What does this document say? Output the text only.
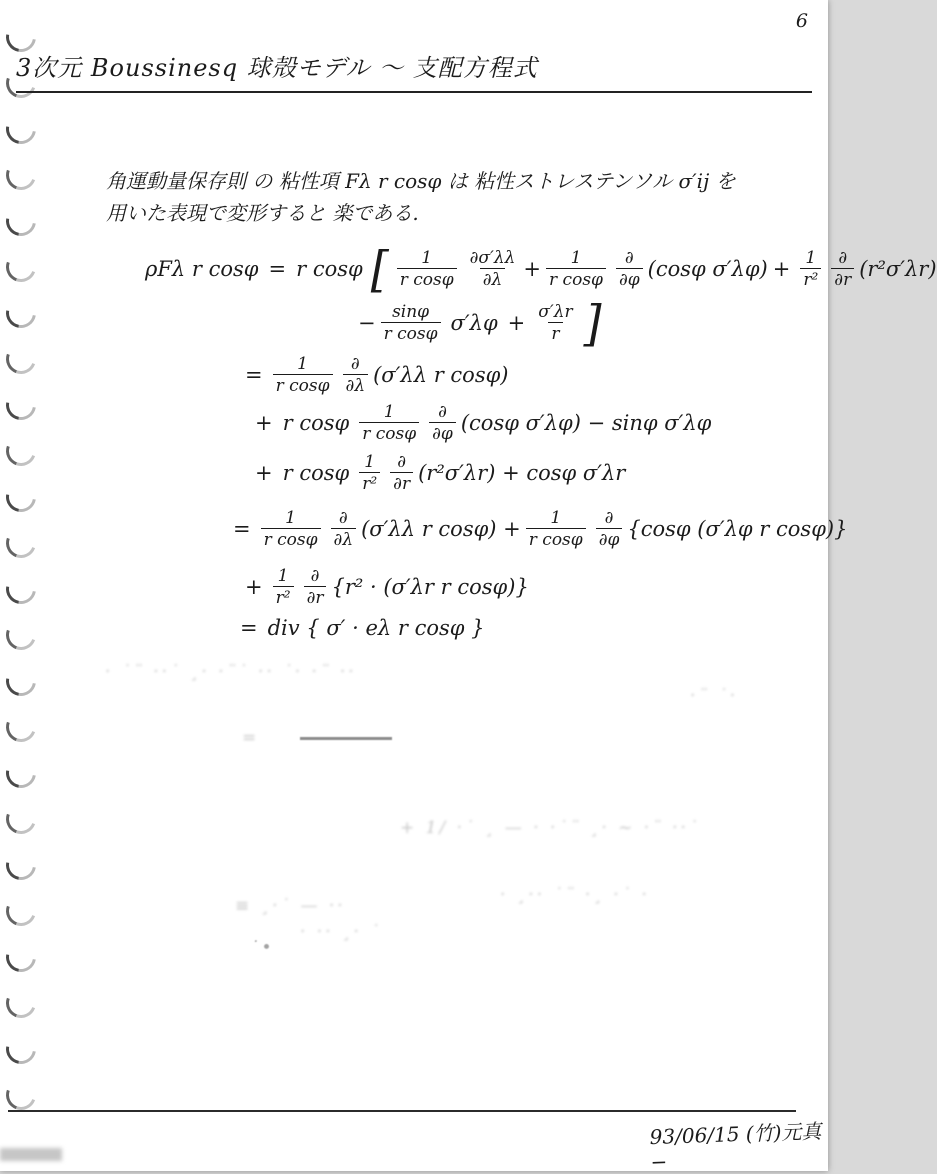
6
3次元 Boussinesq 球殻モデル 〜 支配方程式
角運動量保存則 の 粘性項 Fλ r cosφ は 粘性ストレステンソル σ′ij を
用いた表現で変形すると 楽である.
ρFλ r cosφ = r cosφ [ $\frac{1}{\text{r cosφ}} \frac{\partial\sigma'\lambda\lambda}{\partial\lambda} + \frac{1}{\text{r cosφ}} \frac{\partial}{\partial\varphi} (\cos\varphi$ $\sigma'\lambda\varphi) + \frac{1}{\text{r²}} \frac{\partial}{\partial r} (r^2\sigma'\lambda r)$
− $\frac{\sin\varphi}{\text{r cosφ}} \sigma'\lambda\varphi + \frac{\sigma'\lambda r}{r}$ ]
= $\frac{1}{\text{r cosφ}} \frac{\partial}{\partial\lambda} (\sigma'\lambda\lambda$ r cosφ)
+ r cosφ $\frac{1}{\text{r cosφ}} \frac{\partial}{\partial\varphi} (\cos\varphi$ σ′λφ) − sinφ σ′λφ
+ r cosφ $\frac{1}{\text{r²}} \frac{\partial}{\partial r} (r^2\sigma'\lambda r) + \cos\varphi$ σ′λr
= $\frac{1}{\text{r cosφ}} \frac{\partial}{\partial\lambda} (\sigma'\lambda\lambda$ r $\cos\varphi) + \frac{1}{\text{r cosφ}} \frac{\partial}{\partial\varphi} \{\cos\varphi$ (σ′λφ r cosφ)}
+ $\frac{1}{\text{r²}} \frac{\partial}{\partial r} \{r^2 \cdot (\sigma'\lambda r$ r cosφ)}
= div { σ′ · eλ r cosφ }
· ˙¨ ··˙ ¸· ·¨˙ ·· ˙· ·¨ ··
·¨ ˙·
=
+ 1/ ·˙ ¸ — · ·˙¨ ¸· ~ ·¨ ··˙
· ¸·· ˙¨ ·¸ ·˙ ·
≡ ¸·˙ — ··
· ·· ¸· ˙
˙•
93/06/15 (竹)元真−
